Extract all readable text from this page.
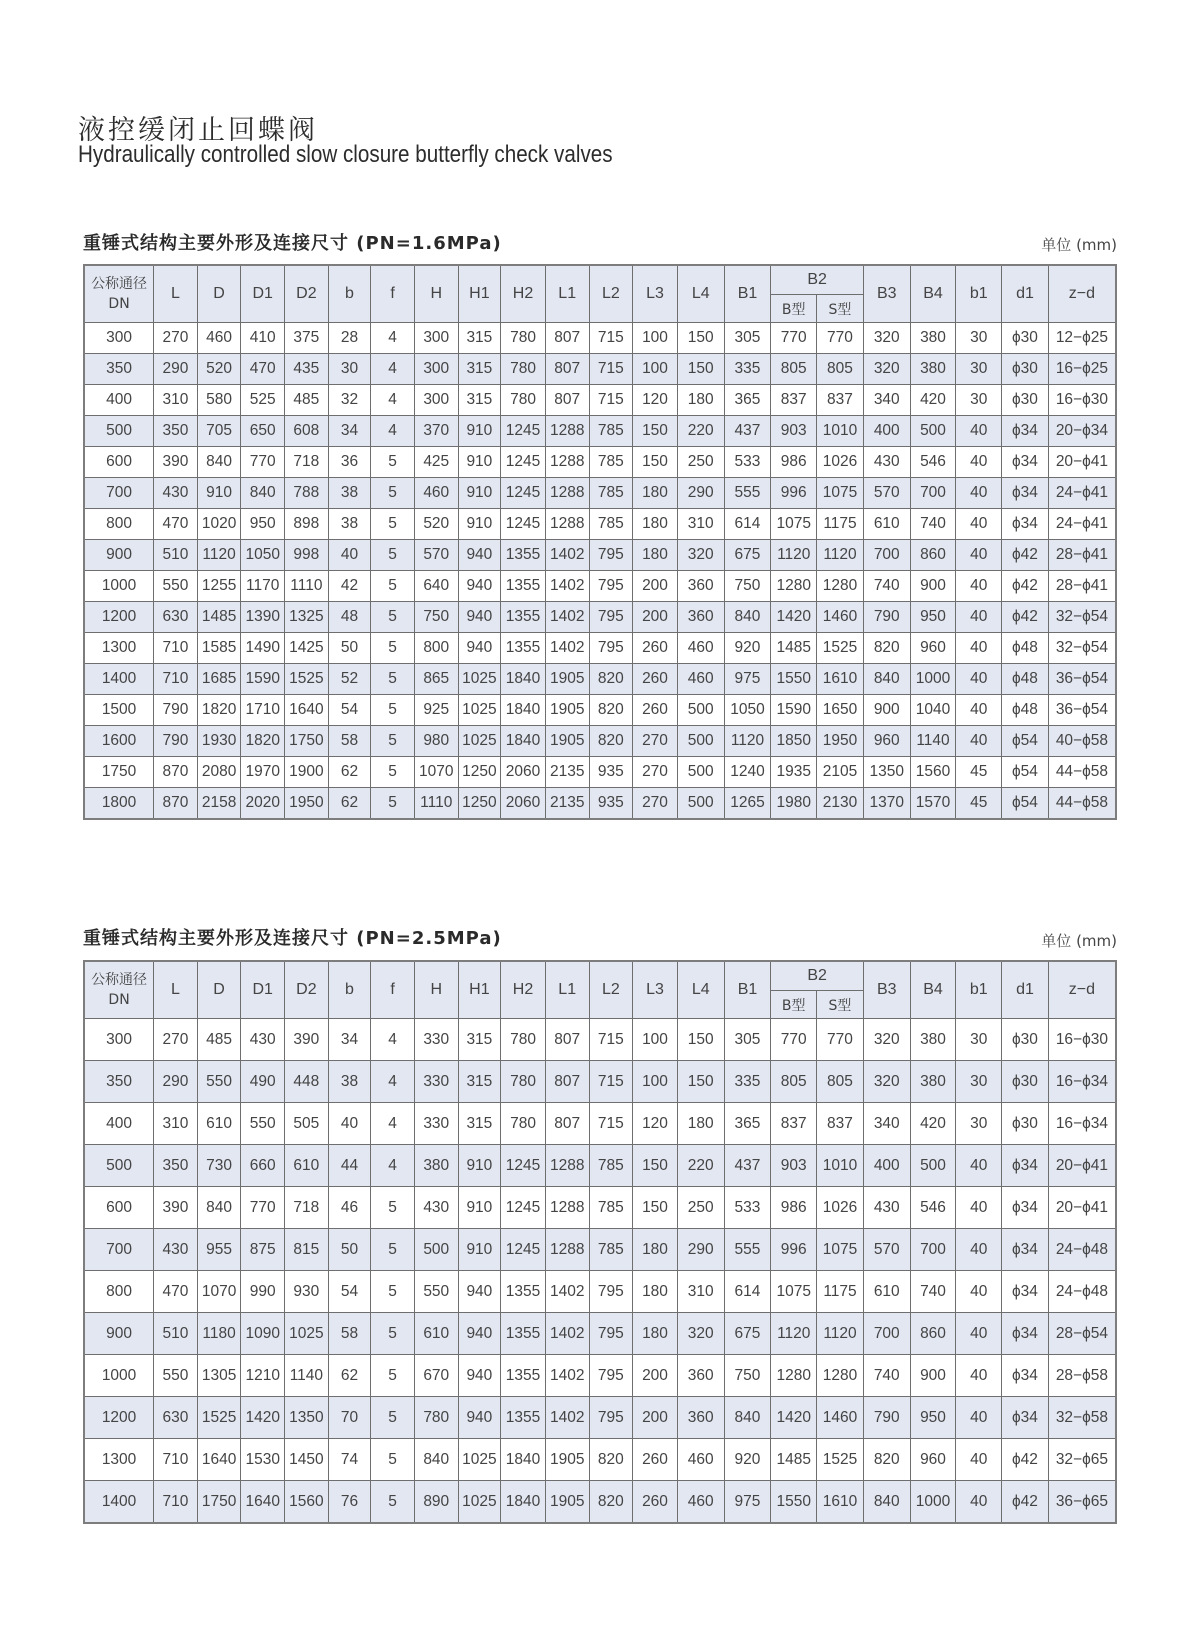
液控缓闭止回蝶阀
Hydraulically controlled slow closure butterfly check valves
重锤式结构主要外形及连接尺寸 (PN=1.6MPa)	单位 (mm)
重锤式结构主要外形及连接尺寸 (PN=2.5MPa)	单位 (mm)
公称通径
DN	L	D	D1	D2	b	f	H	H1	H2	L1	L2	L3	L4	B1	B2		B3	B4	b1	d1	z−d
															B型	S型					
300	270	460	410	375	28	4	300	315	780	807	715	100	150	305	770	770	320	380	30	ϕ30	12−ϕ25
350	290	520	470	435	30	4	300	315	780	807	715	100	150	335	805	805	320	380	30	ϕ30	16−ϕ25
400	310	580	525	485	32	4	300	315	780	807	715	120	180	365	837	837	340	420	30	ϕ30	16−ϕ30
500	350	705	650	608	34	4	370	910	1245	1288	785	150	220	437	903	1010	400	500	40	ϕ34	20−ϕ34
600	390	840	770	718	36	5	425	910	1245	1288	785	150	250	533	986	1026	430	546	40	ϕ34	20−ϕ41
700	430	910	840	788	38	5	460	910	1245	1288	785	180	290	555	996	1075	570	700	40	ϕ34	24−ϕ41
800	470	1020	950	898	38	5	520	910	1245	1288	785	180	310	614	1075	1175	610	740	40	ϕ34	24−ϕ41
900	510	1120	1050	998	40	5	570	940	1355	1402	795	180	320	675	1120	1120	700	860	40	ϕ42	28−ϕ41
1000	550	1255	1170	1110	42	5	640	940	1355	1402	795	200	360	750	1280	1280	740	900	40	ϕ42	28−ϕ41
1200	630	1485	1390	1325	48	5	750	940	1355	1402	795	200	360	840	1420	1460	790	950	40	ϕ42	32−ϕ54
1300	710	1585	1490	1425	50	5	800	940	1355	1402	795	260	460	920	1485	1525	820	960	40	ϕ48	32−ϕ54
1400	710	1685	1590	1525	52	5	865	1025	1840	1905	820	260	460	975	1550	1610	840	1000	40	ϕ48	36−ϕ54
1500	790	1820	1710	1640	54	5	925	1025	1840	1905	820	260	500	1050	1590	1650	900	1040	40	ϕ48	36−ϕ54
1600	790	1930	1820	1750	58	5	980	1025	1840	1905	820	270	500	1120	1850	1950	960	1140	40	ϕ54	40−ϕ58
1750	870	2080	1970	1900	62	5	1070	1250	2060	2135	935	270	500	1240	1935	2105	1350	1560	45	ϕ54	44−ϕ58
1800	870	2158	2020	1950	62	5	1110	1250	2060	2135	935	270	500	1265	1980	2130	1370	1570	45	ϕ54	44−ϕ58
公称通径
DN	L	D	D1	D2	b	f	H	H1	H2	L1	L2	L3	L4	B1	B2		B3	B4	b1	d1	z−d
															B型	S型					
300	270	485	430	390	34	4	330	315	780	807	715	100	150	305	770	770	320	380	30	ϕ30	16−ϕ30
350	290	550	490	448	38	4	330	315	780	807	715	100	150	335	805	805	320	380	30	ϕ30	16−ϕ34
400	310	610	550	505	40	4	330	315	780	807	715	120	180	365	837	837	340	420	30	ϕ30	16−ϕ34
500	350	730	660	610	44	4	380	910	1245	1288	785	150	220	437	903	1010	400	500	40	ϕ34	20−ϕ41
600	390	840	770	718	46	5	430	910	1245	1288	785	150	250	533	986	1026	430	546	40	ϕ34	20−ϕ41
700	430	955	875	815	50	5	500	910	1245	1288	785	180	290	555	996	1075	570	700	40	ϕ34	24−ϕ48
800	470	1070	990	930	54	5	550	940	1355	1402	795	180	310	614	1075	1175	610	740	40	ϕ34	24−ϕ48
900	510	1180	1090	1025	58	5	610	940	1355	1402	795	180	320	675	1120	1120	700	860	40	ϕ34	28−ϕ54
1000	550	1305	1210	1140	62	5	670	940	1355	1402	795	200	360	750	1280	1280	740	900	40	ϕ34	28−ϕ58
1200	630	1525	1420	1350	70	5	780	940	1355	1402	795	200	360	840	1420	1460	790	950	40	ϕ34	32−ϕ58
1300	710	1640	1530	1450	74	5	840	1025	1840	1905	820	260	460	920	1485	1525	820	960	40	ϕ42	32−ϕ65
1400	710	1750	1640	1560	76	5	890	1025	1840	1905	820	260	460	975	1550	1610	840	1000	40	ϕ42	36−ϕ65
